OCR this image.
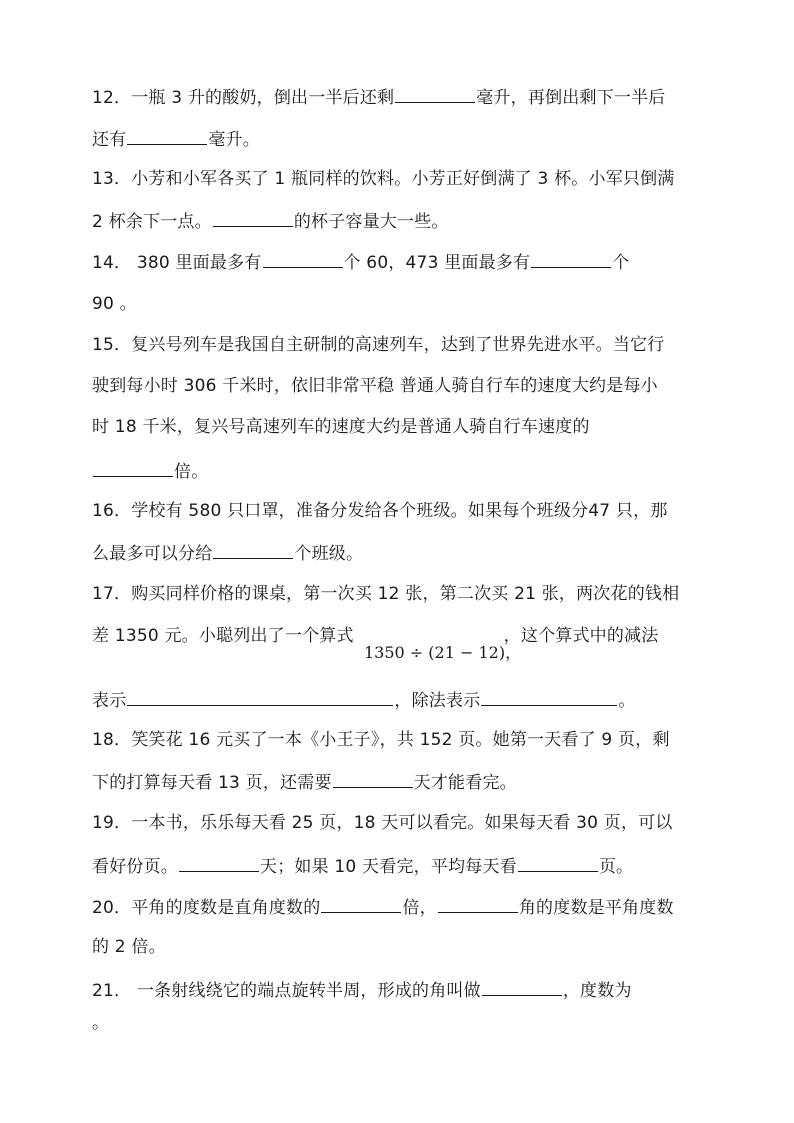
12．一瓶 3 升的酸奶，倒出一半后还剩	毫升，再倒出剩下一半后
还有	毫升。
13．小芳和小军各买了 1 瓶同样的饮料。小芳正好倒满了 3 杯。小军只倒满
2 杯余下一点。	的杯子容量大一些。
14． 380 里面最多有	个 60，473 里面最多有	个
90 。
15．复兴号列车是我国自主研制的高速列车，达到了世界先进水平。当它行
驶到每小时 306 千米时，依旧非常平稳 普通人骑自行车的速度大约是每小
时 18 千米，复兴号高速列车的速度大约是普通人骑自行车速度的
倍。
16．学校有 580 只口罩，准备分发给各个班级。如果每个班级分47 只，那
么最多可以分给	个班级。
17．购买同样价格的课桌，第一次买 12 张，第二次买 21 张，两次花的钱相
差 1350 元。小聪列出了一个算式	，这个算式中的减法
1350 ÷ (21 − 12)，
表示	，除法表示	。
18．笑笑花 16 元买了一本《小王子》，共 152 页。她第一天看了 9 页，剩
下的打算每天看 13 页，还需要	天才能看完。
19．一本书，乐乐每天看 25 页，18 天可以看完。如果每天看 30 页，可以
看好份页。	天；如果 10 天看完，平均每天看	页。
20．平角的度数是直角度数的	倍，	角的度数是平角度数
的 2 倍。
21． 一条射线绕它的端点旋转半周，形成的角叫做	，度数为
。
